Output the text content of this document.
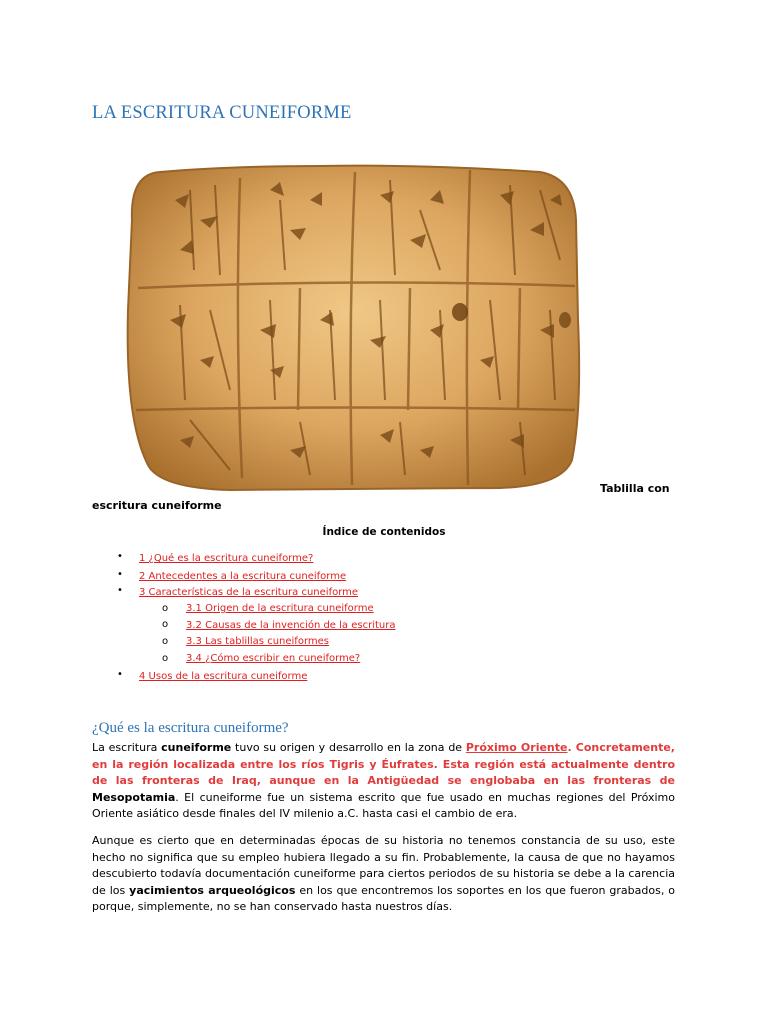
LA ESCRITURA CUNEIFORME
Tablilla con
escritura cuneiforme
Índice de contenidos
• 1 ¿Qué es la escritura cuneiforme?
• 2 Antecedentes a la escritura cuneiforme
• 3 Características de la escritura cuneiforme
o 3.1 Origen de la escritura cuneiforme
o 3.2 Causas de la invención de la escritura
o 3.3 Las tablillas cuneiformes
o 3.4 ¿Cómo escribir en cuneiforme?
• 4 Usos de la escritura cuneiforme
¿Qué es la escritura cuneiforme?

La escritura cuneiforme tuvo su origen y desarrollo en la zona de Próximo Oriente. Concretamente, en la región localizada entre los ríos Tigris y Éufrates. Esta región está actualmente dentro de las fronteras de Iraq, aunque en la Antigüedad se englobaba en las fronteras de Mesopotamia. El cuneiforme fue un sistema escrito que fue usado en muchas regiones del Próximo Oriente asiático desde finales del IV milenio a.C. hasta casi el cambio de era.

Aunque es cierto que en determinadas épocas de su historia no tenemos constancia de su uso, este hecho no significa que su empleo hubiera llegado a su fin. Probablemente, la causa de que no hayamos descubierto todavía documentación cuneiforme para ciertos periodos de su historia se debe a la carencia de los yacimientos arqueológicos en los que encontremos los soportes en los que fueron grabados, o porque, simplemente, no se han conservado hasta nuestros días.
